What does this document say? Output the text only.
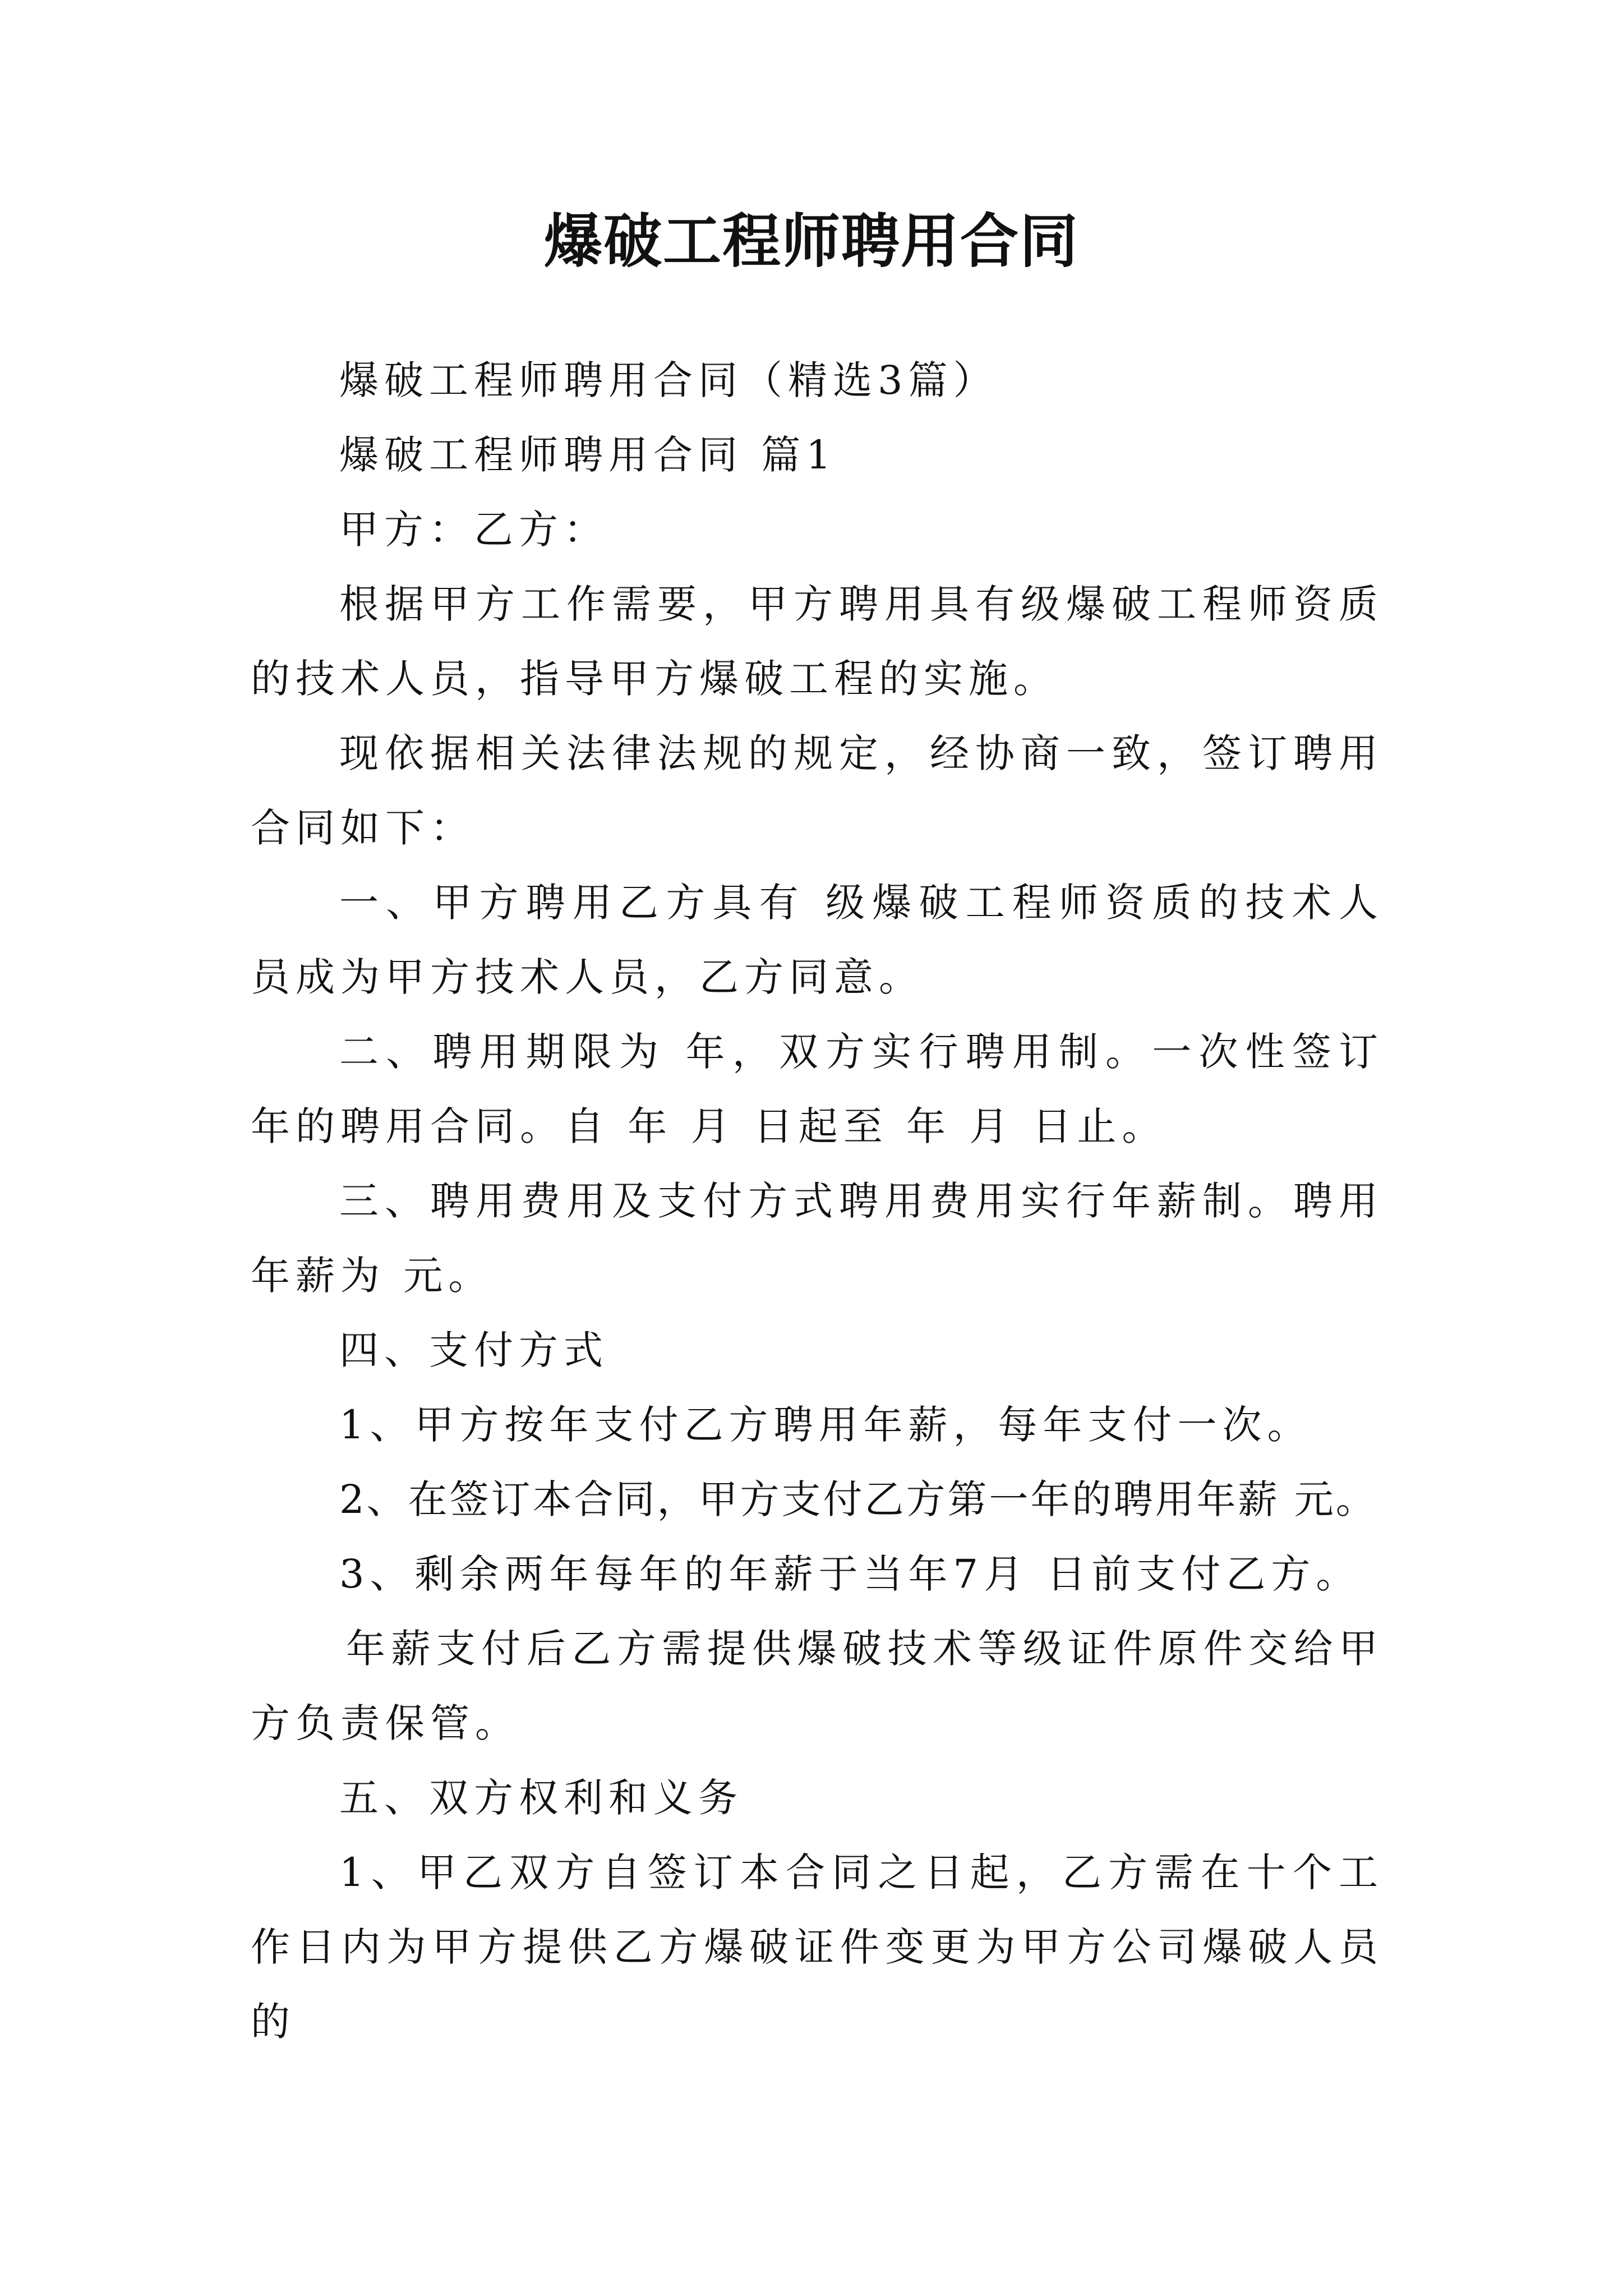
爆破工程师聘用合同

爆破工程师聘用合同（精选3篇）

爆破工程师聘用合同 篇1

甲方：乙方：

根据甲方工作需要，甲方聘用具有级爆破工程师资质的技术人员，指导甲方爆破工程的实施。

现依据相关法律法规的规定，经协商一致，签订聘用合同如下：

一、甲方聘用乙方具有 级爆破工程师资质的技术人员成为甲方技术人员，乙方同意。

二、聘用期限为 年，双方实行聘用制。一次性签订 年的聘用合同。自 年 月 日起至 年 月 日止。

三、聘用费用及支付方式聘用费用实行年薪制。聘用年薪为 元。

四、支付方式

1、甲方按年支付乙方聘用年薪，每年支付一次。

2、在签订本合同，甲方支付乙方第一年的聘用年薪 元。

3、剩余两年每年的年薪于当年7月 日前支付乙方。

年薪支付后乙方需提供爆破技术等级证件原件交给甲方负责保管。

五、双方权利和义务

1、甲乙双方自签订本合同之日起，乙方需在十个工作日内为甲方提供乙方爆破证件变更为甲方公司爆破人员的
